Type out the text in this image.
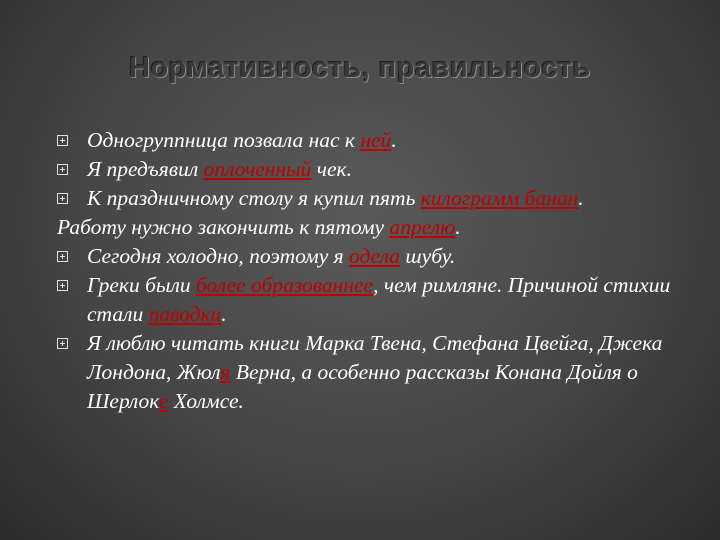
Нормативность, правильность
Одногруппница позвала нас к ней.
Я предъявил оплоченный чек.
К праздничному столу я купил пять килограмм банан.
Работу нужно закончить к пятому апрелю.
Сегодня холодно, поэтому я одела шубу.
Греки были более образованнее, чем римляне. Причиной стихии стали паводки.
Я люблю читать книги Марка Твена, Стефана Цвейга, Джека Лондона, Жюля Верна, а особенно рассказы Конана Дойля о Шерлоке Холмсе.
